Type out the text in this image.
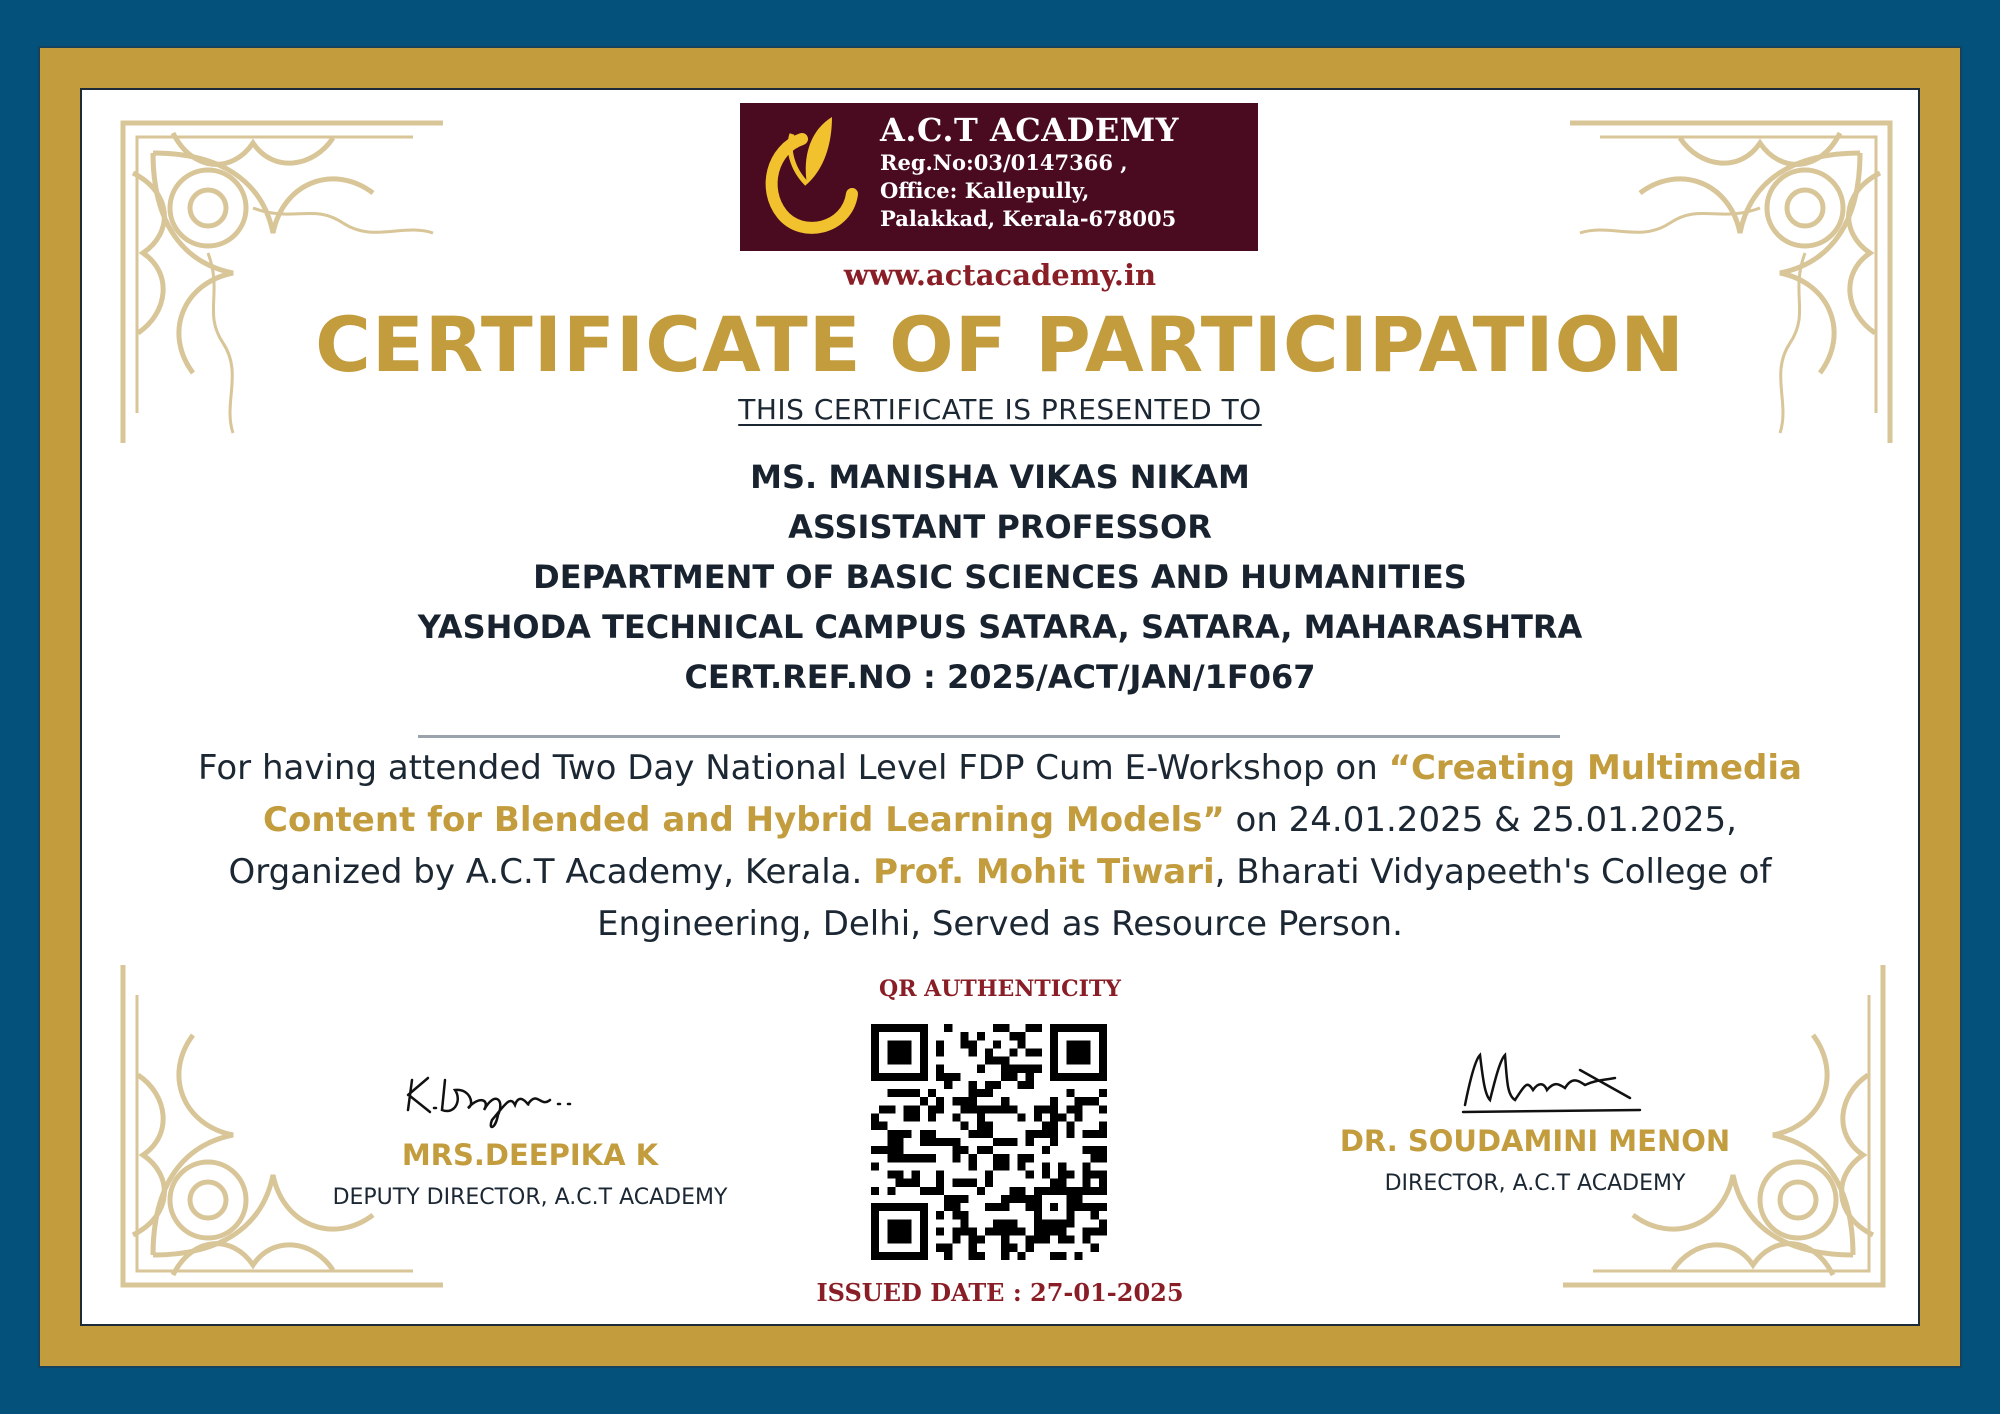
A.C.T ACADEMY
Reg.No:03/0147366 ,
Office: Kallepully,
Palakkad, Kerala-678005
www.actacademy.in
CERTIFICATE OF PARTICIPATION
THIS CERTIFICATE IS PRESENTED TO
MS. MANISHA VIKAS NIKAM
ASSISTANT PROFESSOR
DEPARTMENT OF BASIC SCIENCES AND HUMANITIES
YASHODA TECHNICAL CAMPUS SATARA, SATARA, MAHARASHTRA
CERT.REF.NO : 2025/ACT/JAN/1F067
For having attended Two Day National Level FDP Cum E-Workshop on “Creating Multimedia Content for Blended and Hybrid Learning Models” on 24.01.2025 & 25.01.2025, Organized by A.C.T Academy, Kerala. Prof. Mohit Tiwari, Bharati Vidyapeeth's College of Engineering, Delhi, Served as Resource Person.
QR AUTHENTICITY
ISSUED DATE : 27-01-2025
MRS.DEEPIKA K
DEPUTY DIRECTOR, A.C.T ACADEMY
DR. SOUDAMINI MENON
DIRECTOR, A.C.T ACADEMY
